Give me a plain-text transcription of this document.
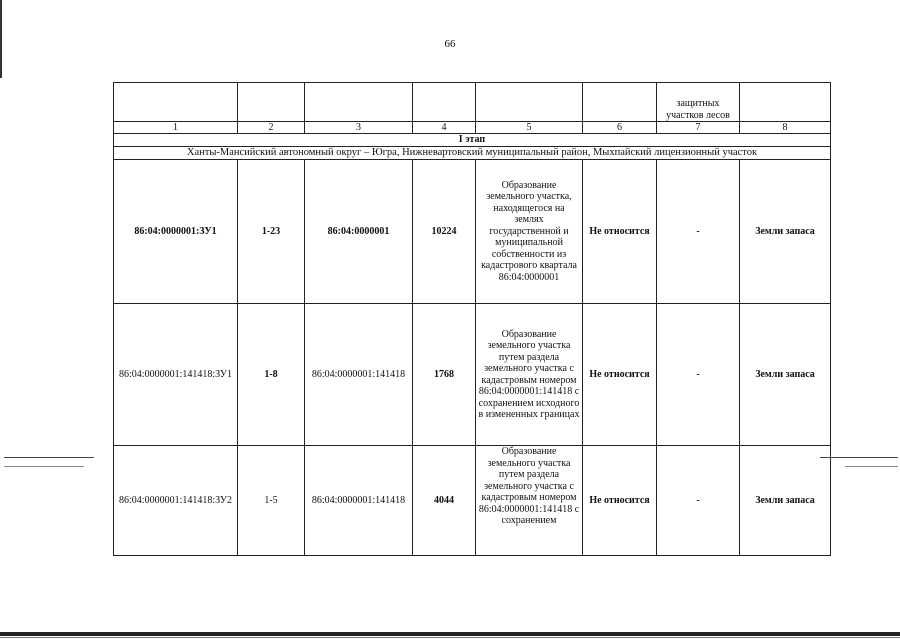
66
						защитных участков лесов	
1	2	3	4	5	6	7	8
I этап							
Ханты-Мансийский автономный округ – Югра, Нижневартовский муниципальный район, Мыхпайский лицензионный участок							
86:04:0000001:ЗУ1	1-23	86:04:0000001	10224	Образование земельного участка, находящегося на землях государственной и муниципальной собственности из кадастрового квартала 86:04:0000001	Не относится	-	Земли запаса
86:04:0000001:141418:ЗУ1	1-8	86:04:0000001:141418	1768	Образование земельного участка путем раздела земельного участка с кадастровым номером 86:04:0000001:141418 с сохранением исходного в измененных границах	Не относится	-	Земли запаса
86:04:0000001:141418:ЗУ2	1-5	86:04:0000001:141418	4044	Образование земельного участка путем раздела земельного участка с кадастровым номером 86:04:0000001:141418 с сохранением	Не относится	-	Земли запаса
